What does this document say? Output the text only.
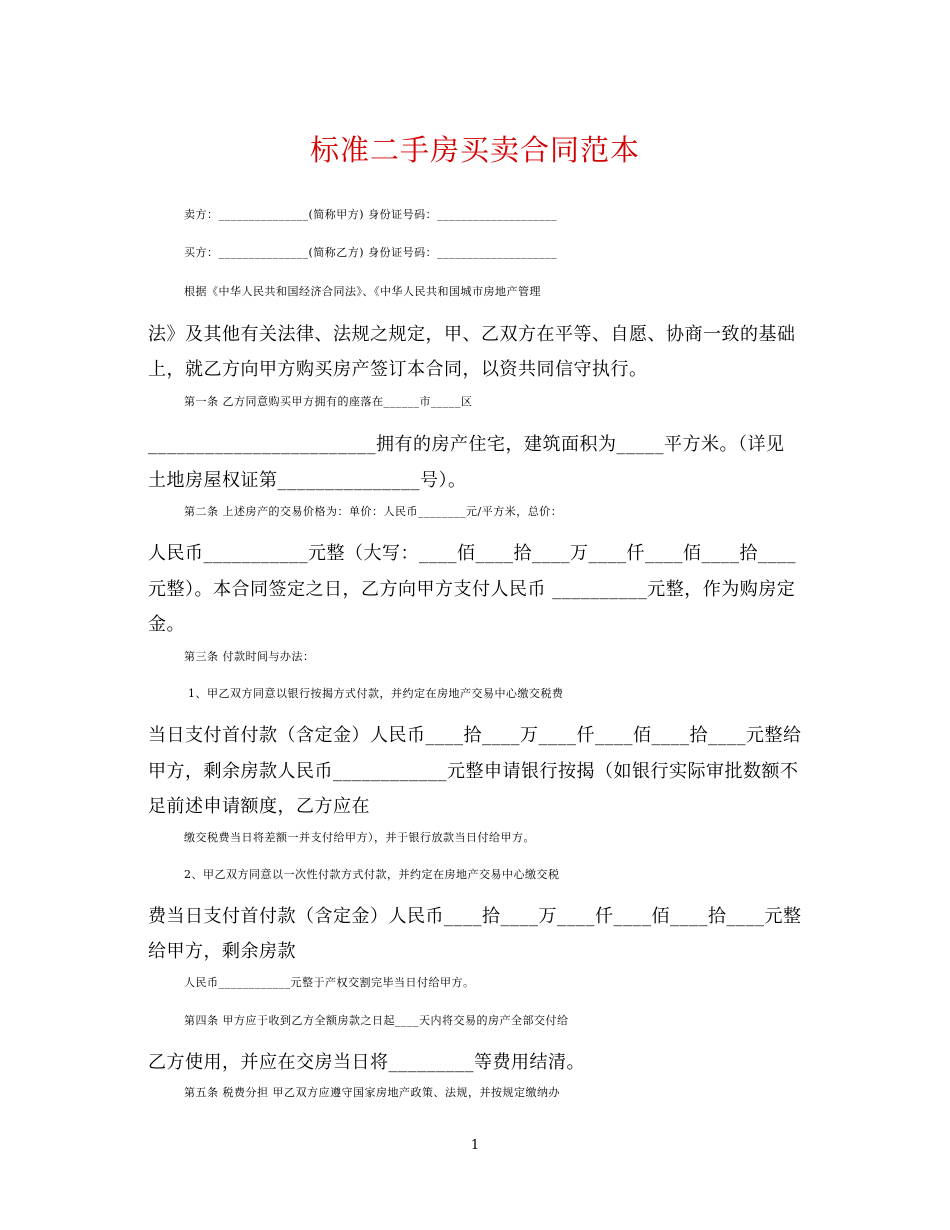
标准二手房买卖合同范本
卖方：_______________(简称甲方) 身份证号码：____________________
买方：_______________(简称乙方) 身份证号码：____________________
根据《中华人民共和国经济合同法》、《中华人民共和国城市房地产管理
法》及其他有关法律、法规之规定，甲、乙双方在平等、自愿、协商一致的基础
上，就乙方向甲方购买房产签订本合同，以资共同信守执行。
第一条 乙方同意购买甲方拥有的座落在______市_____区
________________________拥有的房产住宅，建筑面积为_____平方米。（详见
土地房屋权证第_______________号）。
第二条 上述房产的交易价格为：单价：人民币________元/平方米，总价：
人民币___________元整（大写：____佰____拾____万____仟____佰____拾____
元整）。本合同签定之日，乙方向甲方支付人民币 __________元整，作为购房定
金。
第三条 付款时间与办法：
1、甲乙双方同意以银行按揭方式付款，并约定在房地产交易中心缴交税费
当日支付首付款（含定金）人民币____拾____万____仟____佰____拾____元整给
甲方，剩余房款人民币____________元整申请银行按揭（如银行实际审批数额不
足前述申请额度，乙方应在
缴交税费当日将差额一并支付给甲方），并于银行放款当日付给甲方。
2、甲乙双方同意以一次性付款方式付款，并约定在房地产交易中心缴交税
费当日支付首付款（含定金）人民币____拾____万____仟____佰____拾____元整
给甲方，剩余房款
人民币____________元整于产权交割完毕当日付给甲方。
第四条 甲方应于收到乙方全额房款之日起____天内将交易的房产全部交付给
乙方使用，并应在交房当日将_________等费用结清。
第五条 税费分担 甲乙双方应遵守国家房地产政策、法规，并按规定缴纳办
1
